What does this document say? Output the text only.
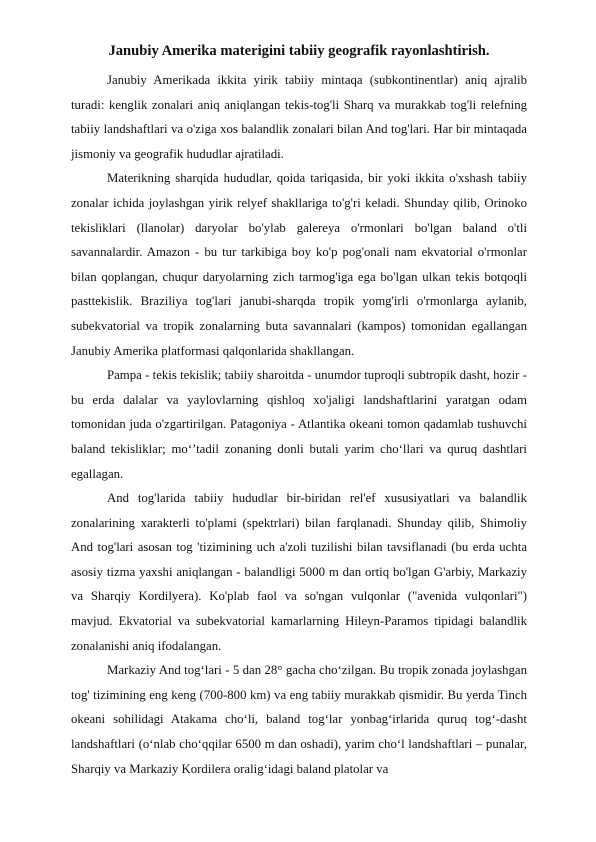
Janubiy Amerika materigini tabiiy geografik rayonlashtirish.

Janubiy Amerikada ikkita yirik tabiiy mintaqa (subkontinentlar) aniq ajralib turadi: kenglik zonalari aniq aniqlangan tekis-tog'li Sharq va murakkab tog'li relefning tabiiy landshaftlari va o'ziga xos balandlik zonalari bilan And tog'lari. Har bir mintaqada jismoniy va geografik hududlar ajratiladi.

Materikning sharqida hududlar, qoida tariqasida, bir yoki ikkita o'xshash tabiiy zonalar ichida joylashgan yirik relyef shakllariga to'g'ri keladi. Shunday qilib, Orinoko tekisliklari (llanolar) daryolar bo'ylab galereya o'rmonlari bo'lgan baland o'tli savannalardir. Amazon - bu tur tarkibiga boy ko'p pog'onali nam ekvatorial o'rmonlar bilan qoplangan, chuqur daryolarning zich tarmog'iga ega bo'lgan ulkan tekis botqoqli pasttekislik. Braziliya tog'lari janubi-sharqda tropik yomg'irli o'rmonlarga aylanib, subekvatorial va tropik zonalarning buta savannalari (kampos) tomonidan egallangan Janubiy Amerika platformasi qalqonlarida shakllangan.

Pampa - tekis tekislik; tabiiy sharoitda - unumdor tuproqli subtropik dasht, hozir - bu erda dalalar va yaylovlarning qishloq xo'jaligi landshaftlarini yaratgan odam tomonidan juda o'zgartirilgan. Patagoniya - Atlantika okeani tomon qadamlab tushuvchi baland tekisliklar; mo‘’tadil zonaning donli butali yarim cho‘llari va quruq dashtlari egallagan.

And tog'larida tabiiy hududlar bir-biridan rel'ef xususiyatlari va balandlik zonalarining xarakterli to'plami (spektrlari) bilan farqlanadi. Shunday qilib, Shimoliy And tog'lari asosan tog 'tizimining uch a'zoli tuzilishi bilan tavsiflanadi (bu erda uchta asosiy tizma yaxshi aniqlangan - balandligi 5000 m dan ortiq bo'lgan G'arbiy, Markaziy va Sharqiy Kordilyera). Ko'plab faol va so'ngan vulqonlar ("avenida vulqonlari") mavjud. Ekvatorial va subekvatorial kamarlarning Hileyn-Paramos tipidagi balandlik zonalanishi aniq ifodalangan.

Markaziy And tog‘lari - 5 dan 28° gacha cho‘zilgan. Bu tropik zonada joylashgan tog' tizimining eng keng (700-800 km) va eng tabiiy murakkab qismidir. Bu yerda Tinch okeani sohilidagi Atakama cho‘li, baland tog‘lar yonbag‘irlarida quruq tog‘-dasht landshaftlari (o‘nlab cho‘qqilar 6500 m dan oshadi), yarim cho‘l landshaftlari – punalar, Sharqiy va Markaziy Kordilera oralig‘idagi baland platolar va
